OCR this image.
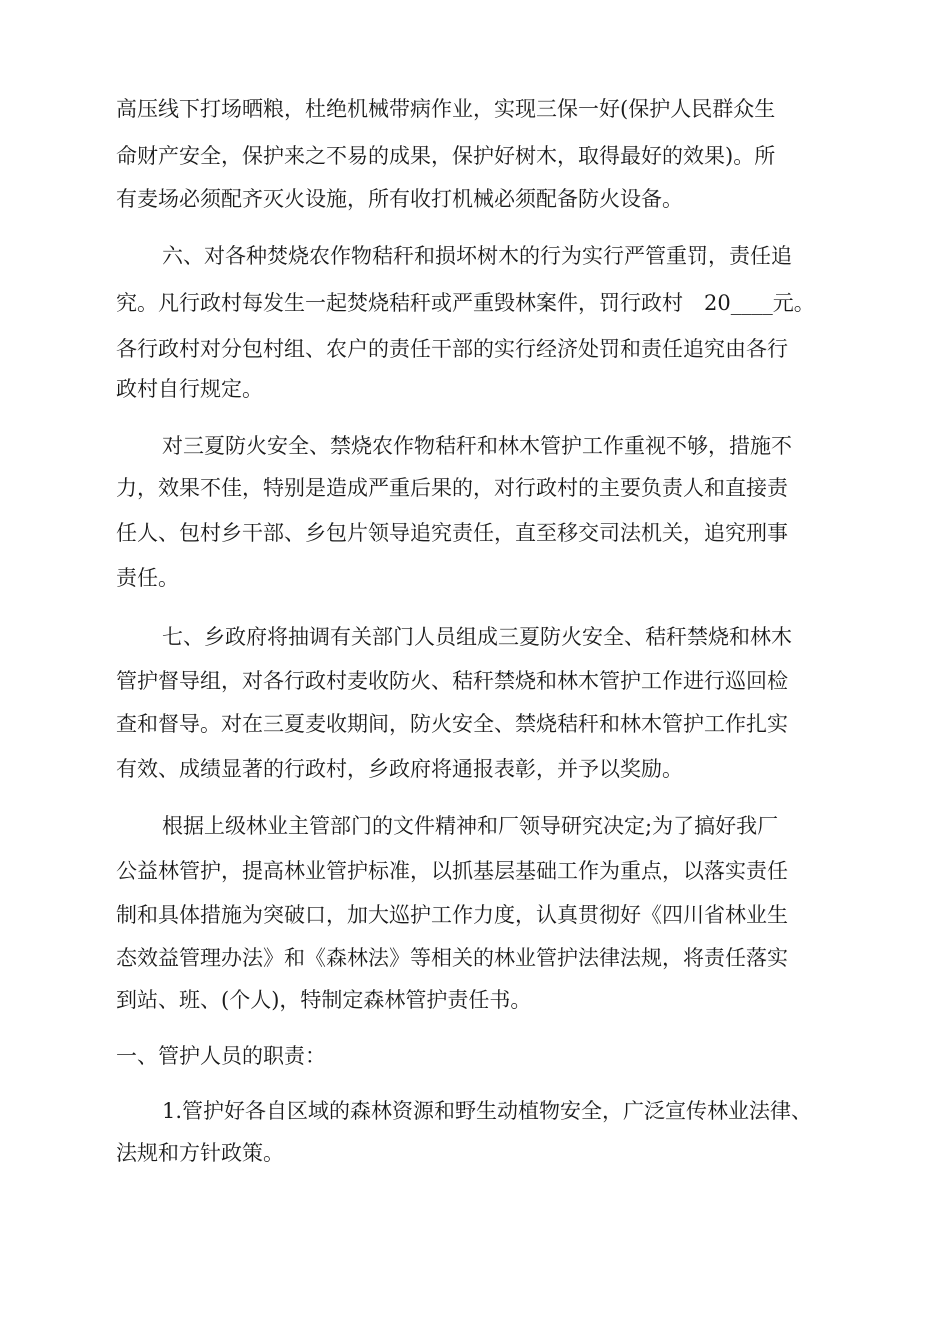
高压线下打场晒粮，杜绝机械带病作业，实现三保一好(保护人民群众生
命财产安全，保护来之不易的成果，保护好树木，取得最好的效果)。所
有麦场必须配齐灭火设施，所有收打机械必须配备防火设备。
六、对各种焚烧农作物秸秆和损坏树木的行为实行严管重罚，责任追
究。凡行政村每发生一起焚烧秸秆或严重毁林案件，罚行政村　20____元。
各行政村对分包村组、农户的责任干部的实行经济处罚和责任追究由各行
政村自行规定。
对三夏防火安全、禁烧农作物秸秆和林木管护工作重视不够，措施不
力，效果不佳，特别是造成严重后果的，对行政村的主要负责人和直接责
任人、包村乡干部、乡包片领导追究责任，直至移交司法机关，追究刑事
责任。
七、乡政府将抽调有关部门人员组成三夏防火安全、秸秆禁烧和林木
管护督导组，对各行政村麦收防火、秸秆禁烧和林木管护工作进行巡回检
查和督导。对在三夏麦收期间，防火安全、禁烧秸秆和林木管护工作扎实
有效、成绩显著的行政村，乡政府将通报表彰，并予以奖励。
根据上级林业主管部门的文件精神和厂领导研究决定;为了搞好我厂
公益林管护，提高林业管护标准，以抓基层基础工作为重点，以落实责任
制和具体措施为突破口，加大巡护工作力度，认真贯彻好《四川省林业生
态效益管理办法》和《森林法》等相关的林业管护法律法规，将责任落实
到站、班、(个人)，特制定森林管护责任书。
一、管护人员的职责：
1.管护好各自区域的森林资源和野生动植物安全，广泛宣传林业法律、
法规和方针政策。
